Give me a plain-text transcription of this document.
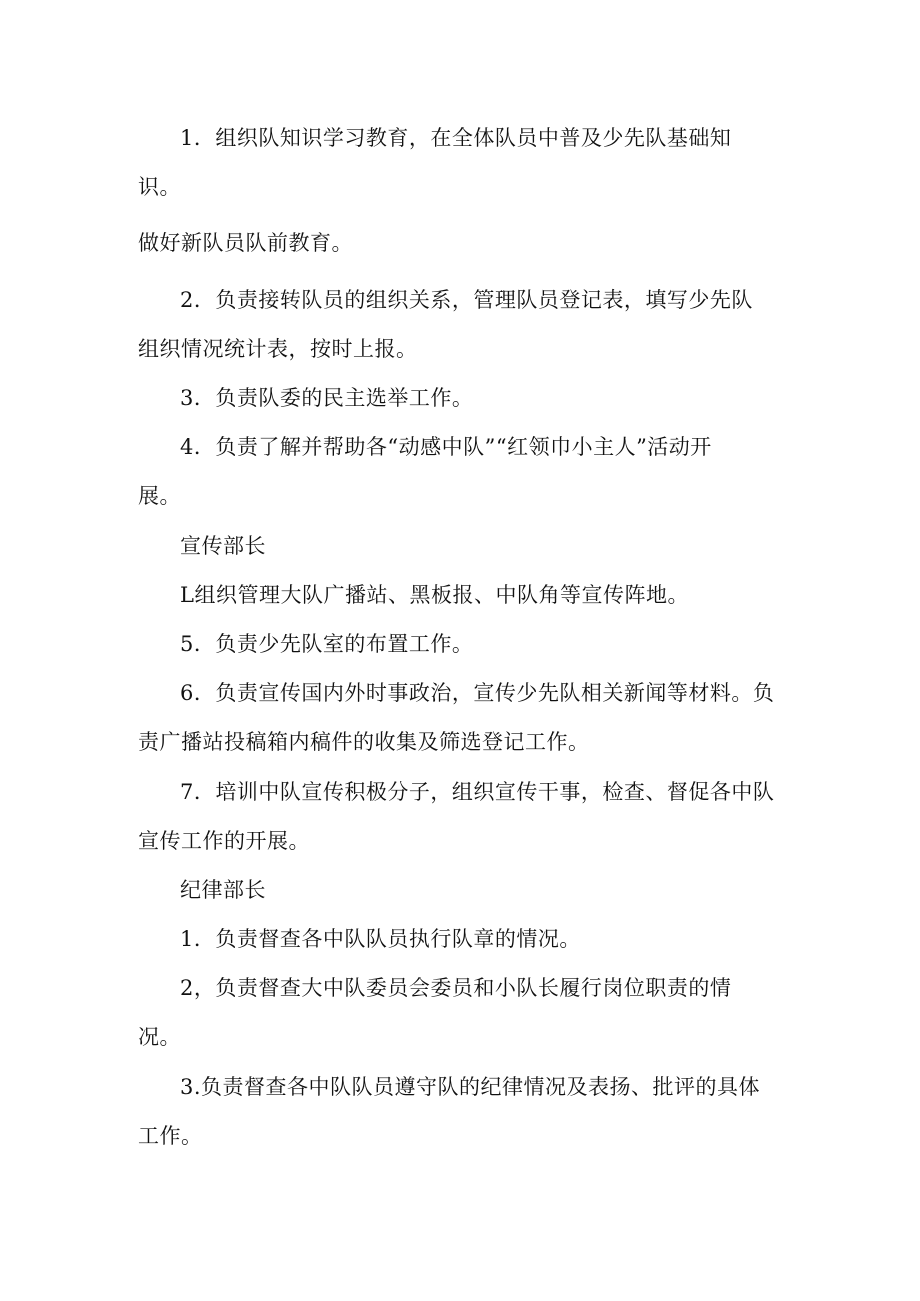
1．组织队知识学习教育，在全体队员中普及少先队基础知
识。
做好新队员队前教育。
2．负责接转队员的组织关系，管理队员登记表，填写少先队
组织情况统计表，按时上报。
3．负责队委的民主选举工作。
4．负责了解并帮助各“动感中队”“红领巾小主人”活动开
展。
宣传部长
L组织管理大队广播站、黑板报、中队角等宣传阵地。
5．负责少先队室的布置工作。
6．负责宣传国内外时事政治，宣传少先队相关新闻等材料。负
责广播站投稿箱内稿件的收集及筛选登记工作。
7．培训中队宣传积极分子，组织宣传干事，检查、督促各中队
宣传工作的开展。
纪律部长
1．负责督查各中队队员执行队章的情况。
2，负责督查大中队委员会委员和小队长履行岗位职责的情
况。
3.负责督查各中队队员遵守队的纪律情况及表扬、批评的具体
工作。
